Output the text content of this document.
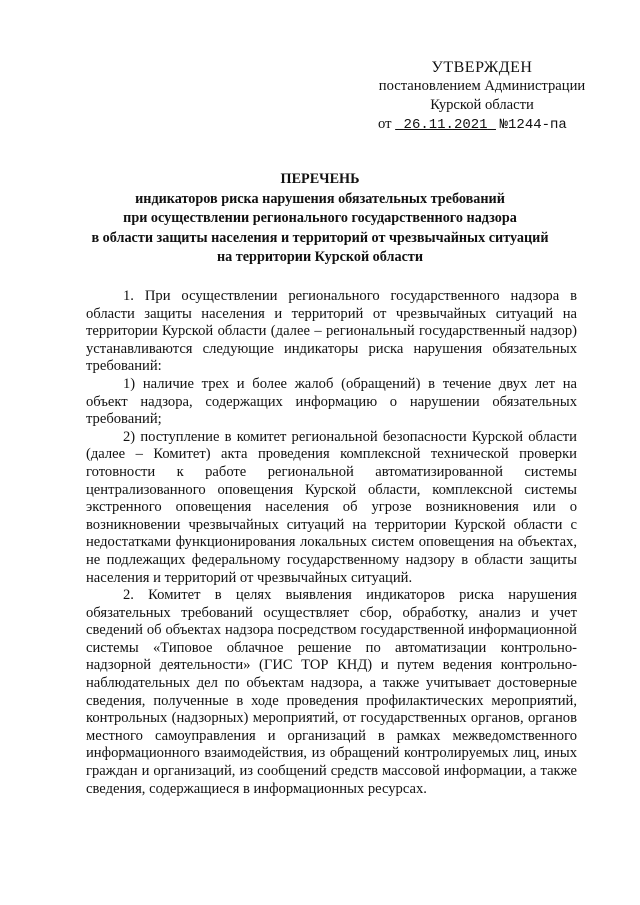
УТВЕРЖДЕН
постановлением Администрации
Курской области
от 26.11.2021 №1244-па
ПЕРЕЧЕНЬ
индикаторов риска нарушения обязательных требований
при осуществлении регионального государственного надзора
в области защиты населения и территорий от чрезвычайных ситуаций
на территории Курской области

1. При осуществлении регионального государственного надзора в области защиты населения и территорий от чрезвычайных ситуаций на территории Курской области (далее – региональный государственный надзор) устанавливаются следующие индикаторы риска нарушения обязательных требований:

1) наличие трех и более жалоб (обращений) в течение двух лет на объект надзора, содержащих информацию о нарушении обязательных требований;

2) поступление в комитет региональной безопасности Курской области (далее – Комитет) акта проведения комплексной технической проверки готовности к работе региональной автоматизированной системы централизованного оповещения Курской области, комплексной системы экстренного оповещения населения об угрозе возникновения или о возникновении чрезвычайных ситуаций на территории Курской области с недостатками функционирования локальных систем оповещения на объектах, не подлежащих федеральному государственному надзору в области защиты населения и территорий от чрезвычайных ситуаций.

2. Комитет в целях выявления индикаторов риска нарушения обязательных требований осуществляет сбор, обработку, анализ и учет сведений об объектах надзора посредством государственной информационной системы «Типовое облачное решение по автоматизации контрольно-надзорной деятельности» (ГИС ТОР КНД) и путем ведения контрольно-наблюдательных дел по объектам надзора, а также учитывает достоверные сведения, полученные в ходе проведения профилактических мероприятий, контрольных (надзорных) мероприятий, от государственных органов, органов местного самоуправления и организаций в рамках межведомственного информационного взаимодействия, из обращений контролируемых лиц, иных граждан и организаций, из сообщений средств массовой информации, а также сведения, содержащиеся в информационных ресурсах.
